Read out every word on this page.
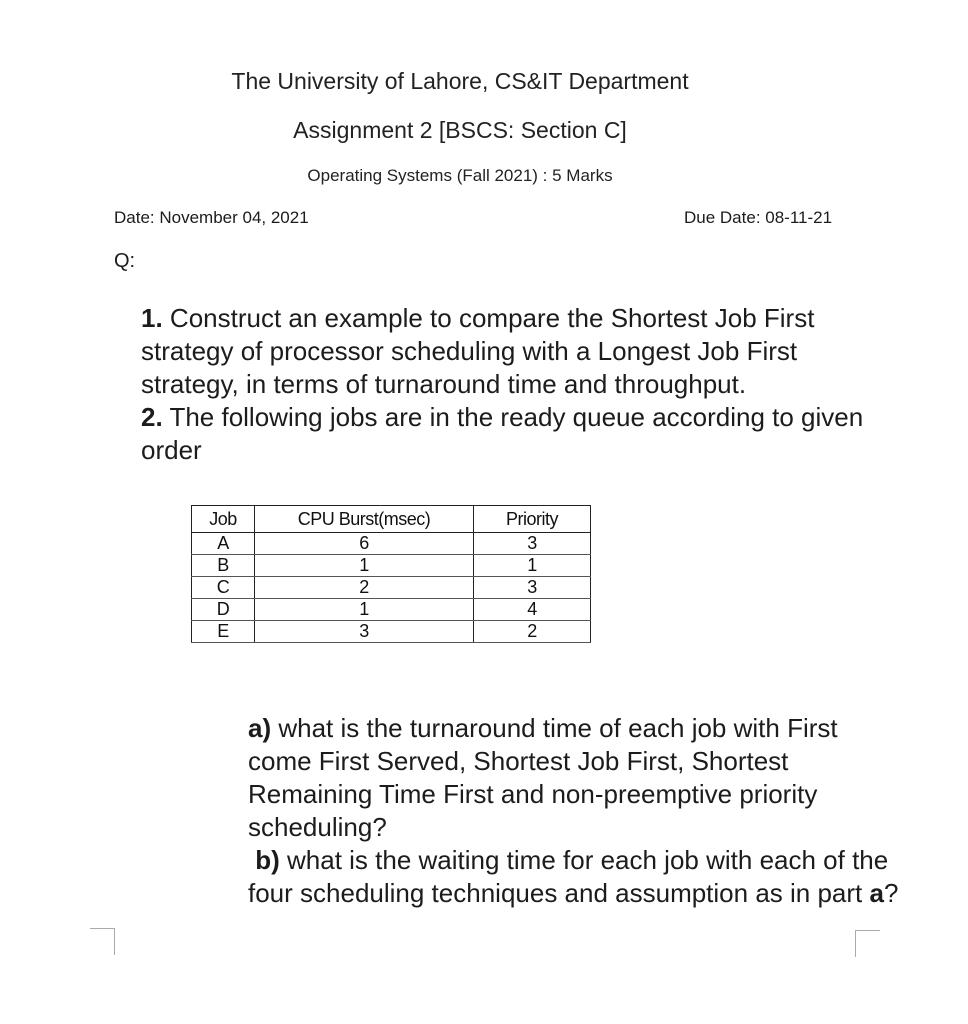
The University of Lahore, CS&IT Department
Assignment 2 [BSCS: Section C]
Operating Systems (Fall 2021) : 5 Marks
Date: November 04, 2021	Due Date: 08-11-21
Q:

1. Construct an example to compare the Shortest Job First strategy of processor scheduling with a Longest Job First strategy, in terms of turnaround time and throughput.

2. The following jobs are in the ready queue according to given order

Job	CPU Burst(msec)	Priority
A	6	3
B	1	1
C	2	3
D	1	4
E	3	2

a) what is the turnaround time of each job with First come First Served, Shortest Job First, Shortest Remaining Time First and non-preemptive priority scheduling?

b) what is the waiting time for each job with each of the four scheduling techniques and assumption as in part a?
